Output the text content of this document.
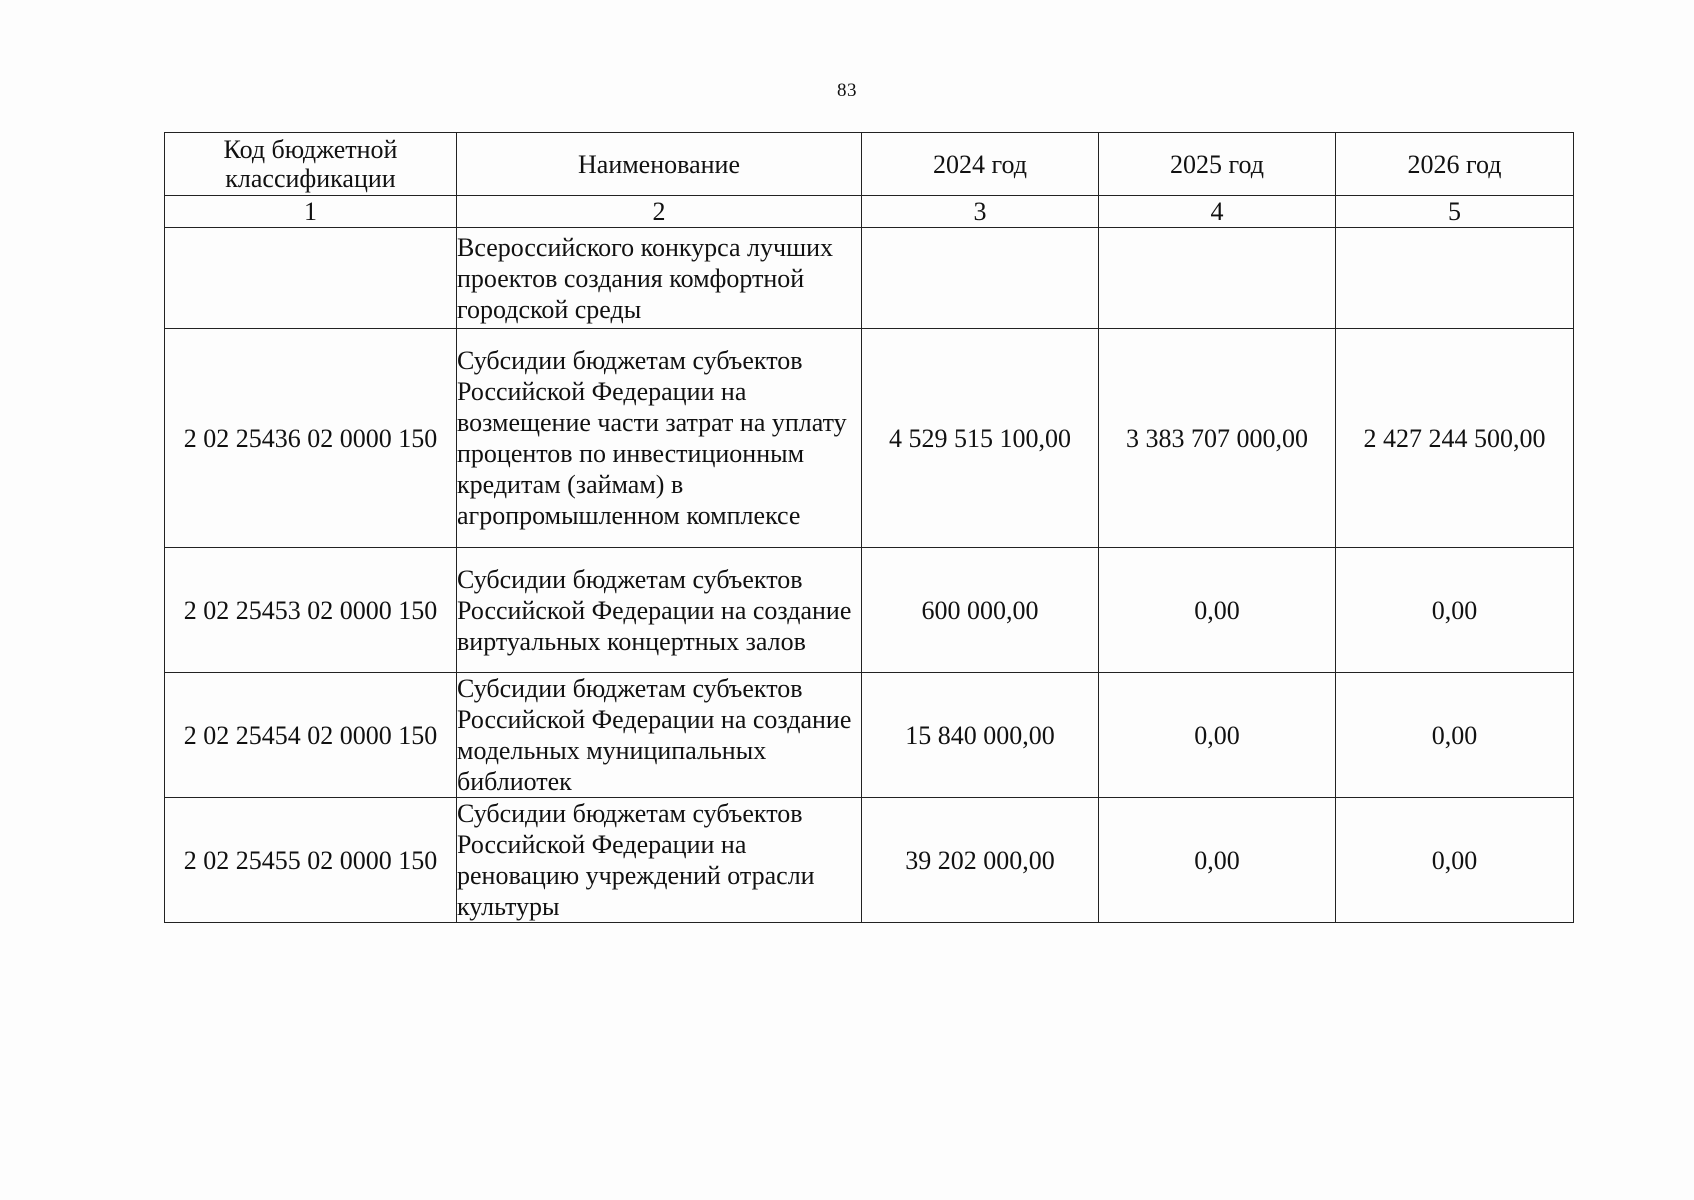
83
Код бюджетной классификации	Наименование	2024 год	2025 год	2026 год
1	2	3	4	5
	Всероссийского конкурса лучших проектов создания комфортной городской среды			
2 02 25436 02 0000 150	Субсидии бюджетам субъектов Российской Федерации на возмещение части затрат на уплату процентов по инвестиционным кредитам (займам) в агропромышленном комплексе	4 529 515 100,00	3 383 707 000,00	2 427 244 500,00
2 02 25453 02 0000 150	Субсидии бюджетам субъектов Российской Федерации на создание виртуальных концертных залов	600 000,00	0,00	0,00
2 02 25454 02 0000 150	Субсидии бюджетам субъектов Российской Федерации на создание модельных муниципальных библиотек	15 840 000,00	0,00	0,00
2 02 25455 02 0000 150	Субсидии бюджетам субъектов Российской Федерации на реновацию учреждений отрасли культуры	39 202 000,00	0,00	0,00
